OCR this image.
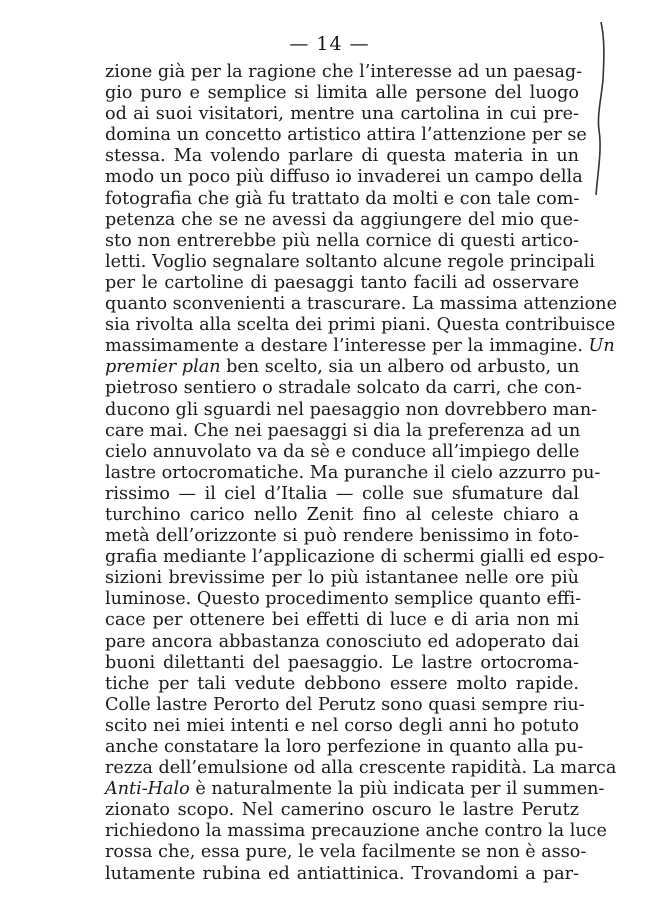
— 14 —
zione già per la ragione che l’interesse ad un paesag-
gio puro e semplice si limita alle persone del luogo
od ai suoi visitatori, mentre una cartolina in cui pre-
domina un concetto artistico attira l’attenzione per se
stessa. Ma volendo parlare di questa materia in un
modo un poco più diffuso io invaderei un campo della
fotografia che già fu trattato da molti e con tale com-
petenza che se ne avessi da aggiungere del mio que-
sto non entrerebbe più nella cornice di questi artico-
letti. Voglio segnalare soltanto alcune regole principali
per le cartoline di paesaggi tanto facili ad osservare
quanto sconvenienti a trascurare. La massima attenzione
sia rivolta alla scelta dei primi piani. Questa contribuisce
massimamente a destare l’interesse per la immagine. Un
premier plan ben scelto, sia un albero od arbusto, un
pietroso sentiero o stradale solcato da carri, che con-
ducono gli sguardi nel paesaggio non dovrebbero man-
care mai. Che nei paesaggi si dia la preferenza ad un
cielo annuvolato va da sè e conduce all’impiego delle
lastre ortocromatiche. Ma puranche il cielo azzurro pu-
rissimo — il ciel d’Italia — colle sue sfumature dal
turchino carico nello Zenit fino al celeste chiaro a
metà dell’orizzonte si può rendere benissimo in foto-
grafia mediante l’applicazione di schermi gialli ed espo-
sizioni brevissime per lo più istantanee nelle ore più
luminose. Questo procedimento semplice quanto effi-
cace per ottenere bei effetti di luce e di aria non mi
pare ancora abbastanza conosciuto ed adoperato dai
buoni dilettanti del paesaggio. Le lastre ortocroma-
tiche per tali vedute debbono essere molto rapide.
Colle lastre Perorto del Perutz sono quasi sempre riu-
scito nei miei intenti e nel corso degli anni ho potuto
anche constatare la loro perfezione in quanto alla pu-
rezza dell’emulsione od alla crescente rapidità. La marca
Anti-Halo è naturalmente la più indicata per il summen-
zionato scopo. Nel camerino oscuro le lastre Perutz
richiedono la massima precauzione anche contro la luce
rossa che, essa pure, le vela facilmente se non è asso-
lutamente rubina ed antiattinica. Trovandomi a par-
